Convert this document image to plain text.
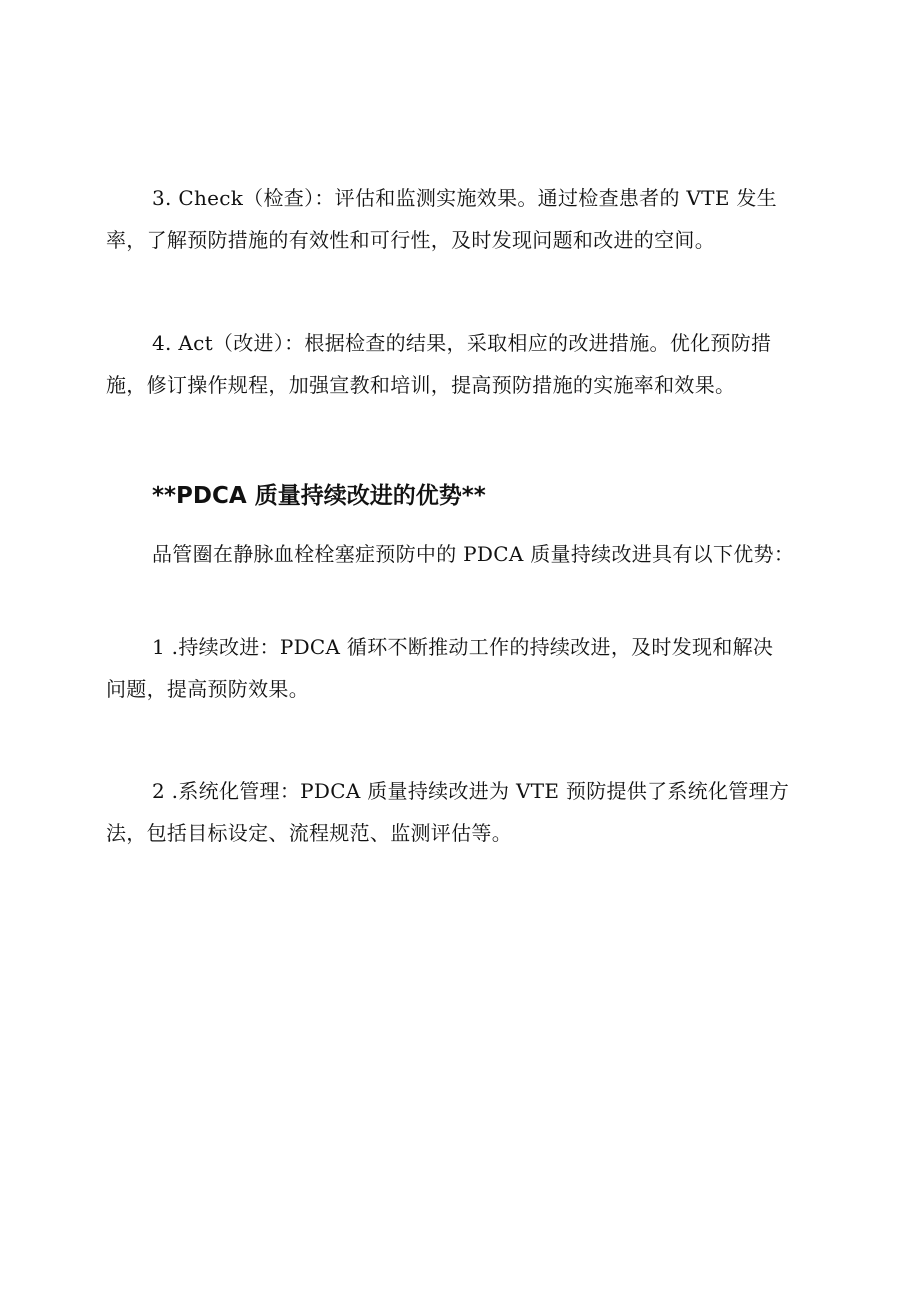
3. Check（检查）：评估和监测实施效果。通过检查患者的 VTE 发生
率，了解预防措施的有效性和可行性，及时发现问题和改进的空间。

4. Act（改进）：根据检查的结果，采取相应的改进措施。优化预防措
施，修订操作规程，加强宣教和培训，提高预防措施的实施率和效果。

**PDCA 质量持续改进的优势**

品管圈在静脉血栓栓塞症预防中的 PDCA 质量持续改进具有以下优势：

1 .持续改进：PDCA 循环不断推动工作的持续改进，及时发现和解决
问题，提高预防效果。

2 .系统化管理：PDCA 质量持续改进为 VTE 预防提供了系统化管理方
法，包括目标设定、流程规范、监测评估等。
